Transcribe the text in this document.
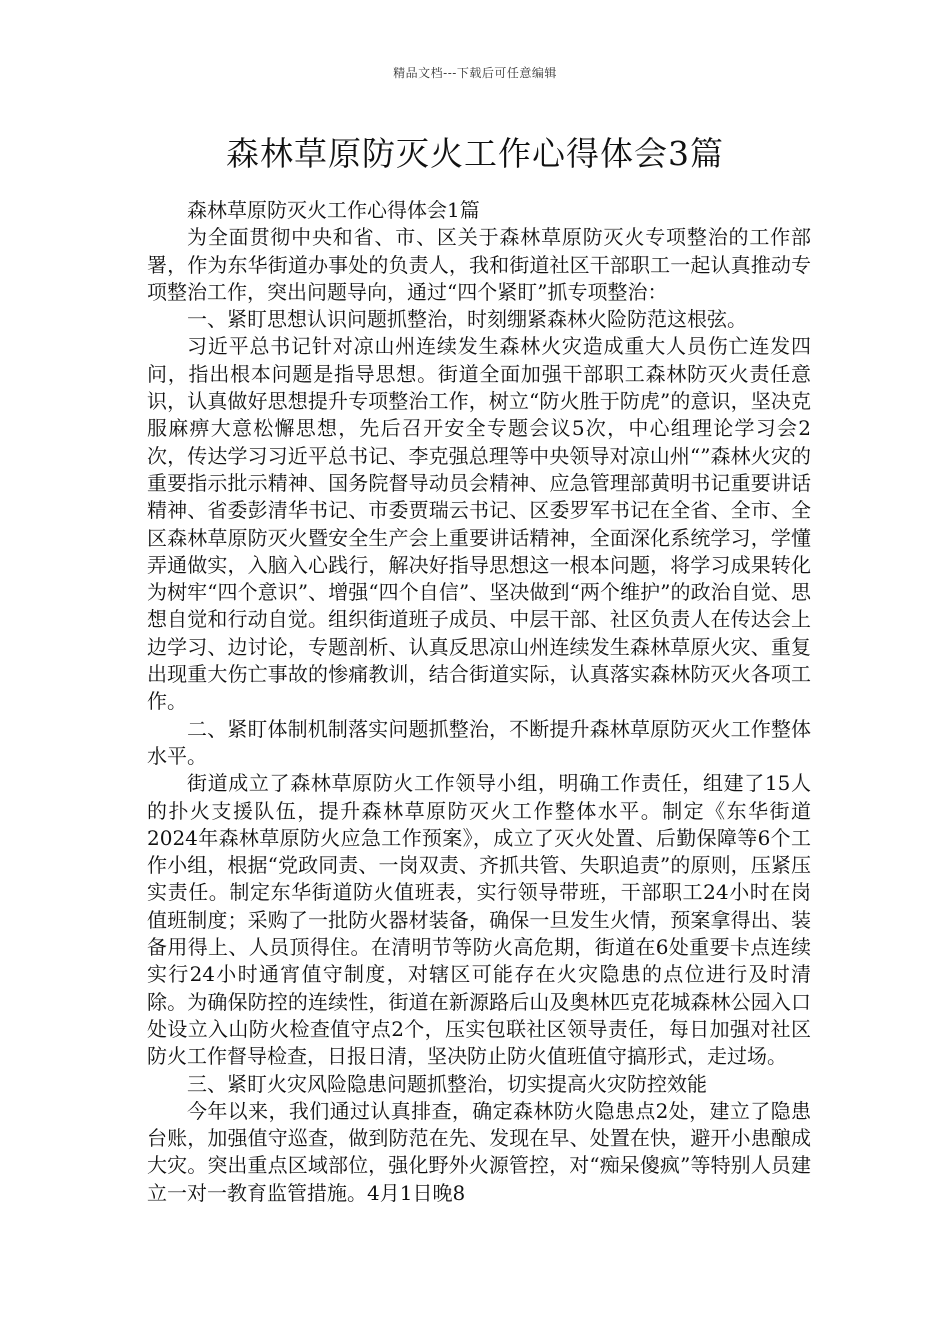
精品文档---下载后可任意编辑
森林草原防灭火工作心得体会3篇

森林草原防灭火工作心得体会1篇

为全面贯彻中央和省、市、区关于森林草原防灭火专项整治的工作部署，作为东华街道办事处的负责人，我和街道社区干部职工一起认真推动专项整治工作，突出问题导向，通过“四个紧盯”抓专项整治：

一、紧盯思想认识问题抓整治，时刻绷紧森林火险防范这根弦。

习近平总书记针对凉山州连续发生森林火灾造成重大人员伤亡连发四问，指出根本问题是指导思想。街道全面加强干部职工森林防灭火责任意识，认真做好思想提升专项整治工作，树立“防火胜于防虎”的意识，坚决克服麻痹大意松懈思想，先后召开安全专题会议5次，中心组理论学习会2次，传达学习习近平总书记、李克强总理等中央领导对凉山州“”森林火灾的重要指示批示精神、国务院督导动员会精神、应急管理部黄明书记重要讲话精神、省委彭清华书记、市委贾瑞云书记、区委罗军书记在全省、全市、全区森林草原防灭火暨安全生产会上重要讲话精神，全面深化系统学习，学懂弄通做实，入脑入心践行，解决好指导思想这一根本问题，将学习成果转化为树牢“四个意识”、增强“四个自信”、坚决做到“两个维护”的政治自觉、思想自觉和行动自觉。组织街道班子成员、中层干部、社区负责人在传达会上边学习、边讨论，专题剖析、认真反思凉山州连续发生森林草原火灾、重复出现重大伤亡事故的惨痛教训，结合街道实际，认真落实森林防灭火各项工作。

二、紧盯体制机制落实问题抓整治，不断提升森林草原防灭火工作整体水平。

街道成立了森林草原防火工作领导小组，明确工作责任，组建了15人的扑火支援队伍，提升森林草原防灭火工作整体水平。制定《东华街道2024年森林草原防火应急工作预案》，成立了灭火处置、后勤保障等6个工作小组，根据“党政同责、一岗双责、齐抓共管、失职追责”的原则，压紧压实责任。制定东华街道防火值班表，实行领导带班，干部职工24小时在岗值班制度；采购了一批防火器材装备，确保一旦发生火情，预案拿得出、装备用得上、人员顶得住。在清明节等防火高危期，街道在6处重要卡点连续实行24小时通宵值守制度，对辖区可能存在火灾隐患的点位进行及时清除。为确保防控的连续性，街道在新源路后山及奥林匹克花城森林公园入口处设立入山防火检查值守点2个，压实包联社区领导责任，每日加强对社区防火工作督导检查，日报日清，坚决防止防火值班值守搞形式，走过场。

三、紧盯火灾风险隐患问题抓整治，切实提高火灾防控效能

今年以来，我们通过认真排查，确定森林防火隐患点2处，建立了隐患台账，加强值守巡查，做到防范在先、发现在早、处置在快，避开小患酿成大灾。突出重点区域部位，强化野外火源管控，对“痴呆傻疯”等特别人员建立一对一教育监管措施。4月1日晚8
